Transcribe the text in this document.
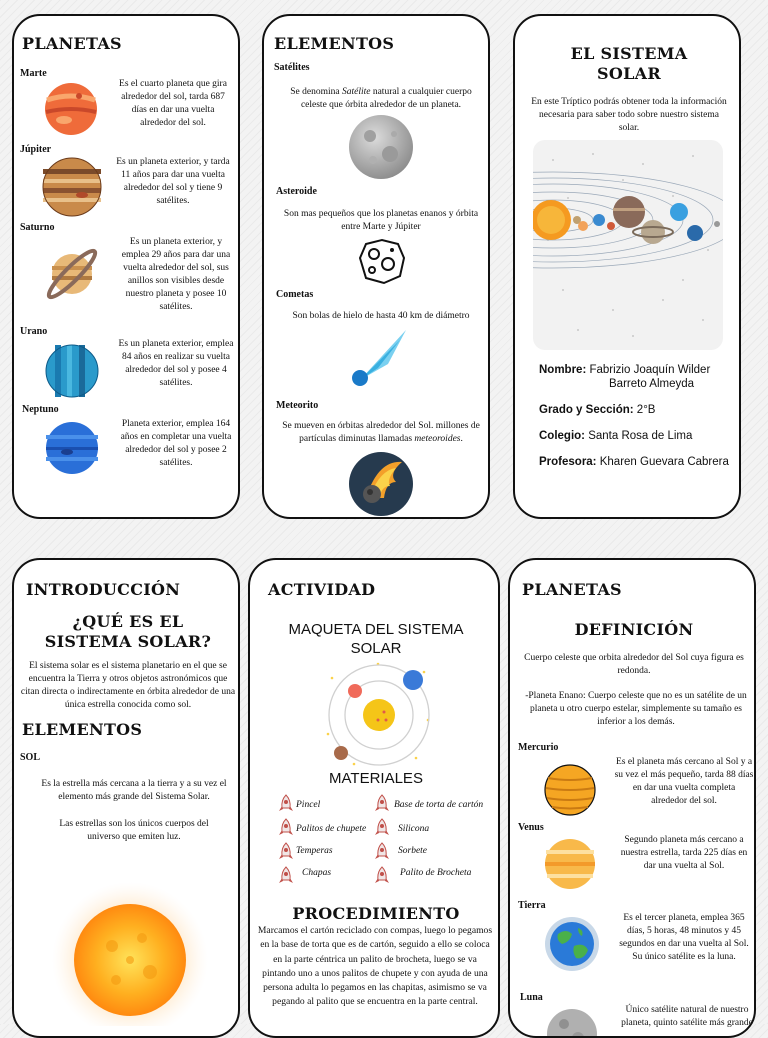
PLANETAS
Marte
Es el cuarto planeta que gira alrededor del sol, tarda 687 días en dar una vuelta alrededor del sol.
Júpiter
Es un planeta exterior, y tarda 11 años para dar una vuelta alrededor del sol y tiene 9 satélites.
Saturno
Es un planeta exterior, y emplea 29 años para dar una vuelta alrededor del sol, sus anillos son visibles desde nuestro planeta y posee 10 satélites.
Urano
Es un planeta exterior, emplea 84 años en realizar su vuelta alrededor del sol y posee 4 satélites.
Neptuno
Planeta exterior, emplea 164 años en completar una vuelta alrededor del sol y posee 2 satélites.
ELEMENTOS
Satélites
Se denomina Satélite natural a cualquier cuerpo celeste que órbita alrededor de un planeta.
Asteroide
Son mas pequeños que los planetas enanos y órbita entre Marte y Júpiter
Cometas
Son bolas de hielo de hasta 40 km de diámetro
Meteorito
Se mueven en órbitas alrededor del Sol. millones de partículas diminutas llamadas meteoroides.
EL SISTEMA
SOLAR
En este Tríptico podrás obtener toda la información necesaria para saber todo sobre nuestro sistema solar.
Nombre: Fabrizio Joaquín Wilder
Barreto Almeyda
Grado y Sección: 2°B
Colegio: Santa Rosa de Lima
Profesora: Kharen Guevara Cabrera
INTRODUCCIÓN
¿QUÉ ES EL SISTEMA SOLAR?
El sistema solar es el sistema planetario en el que se encuentra la Tierra y otros objetos astronómicos que citan directa o indirectamente en órbita alrededor de una única estrella conocida como sol.
ELEMENTOS
SOL
Es la estrella más cercana a la tierra y a su vez el elemento más grande del Sistema Solar.
Las estrellas son los únicos cuerpos del universo que emiten luz.
ACTIVIDAD
MAQUETA DEL SISTEMA SOLAR
MATERIALES
Pincel	Base de torta de cartón
Palitos de chupete	Silicona
Temperas	Sorbete
Chapas	Palito de Brocheta
PROCEDIMIENTO
Marcamos el cartón reciclado con compas, luego lo pegamos en la base de torta que es de cartón, seguido a ello se coloca en la parte céntrica un palito de brocheta, luego se va pintando uno a unos palitos de chupete y con ayuda de una persona adulta lo pegamos en las chapitas, asimismo se va pegando al palito que se encuentra en la parte central.
PLANETAS
DEFINICIÓN
Cuerpo celeste que orbita alrededor del Sol cuya figura es redonda.
-Planeta Enano: Cuerpo celeste que no es un satélite de un planeta u otro cuerpo estelar, simplemente su tamaño es inferior a los demás.
Mercurio
Es el planeta más cercano al Sol y a su vez el más pequeño, tarda 88 días en dar una vuelta completa alrededor del sol.
Venus
Segundo planeta más cercano a nuestra estrella, tarda 225 días en dar una vuelta al Sol.
Tierra
Es el tercer planeta, emplea 365 días, 5 horas, 48 minutos y 45 segundos en dar una vuelta al Sol. Su único satélite es la luna.
Luna
Único satélite natural de nuestro planeta, quinto satélite más grande
